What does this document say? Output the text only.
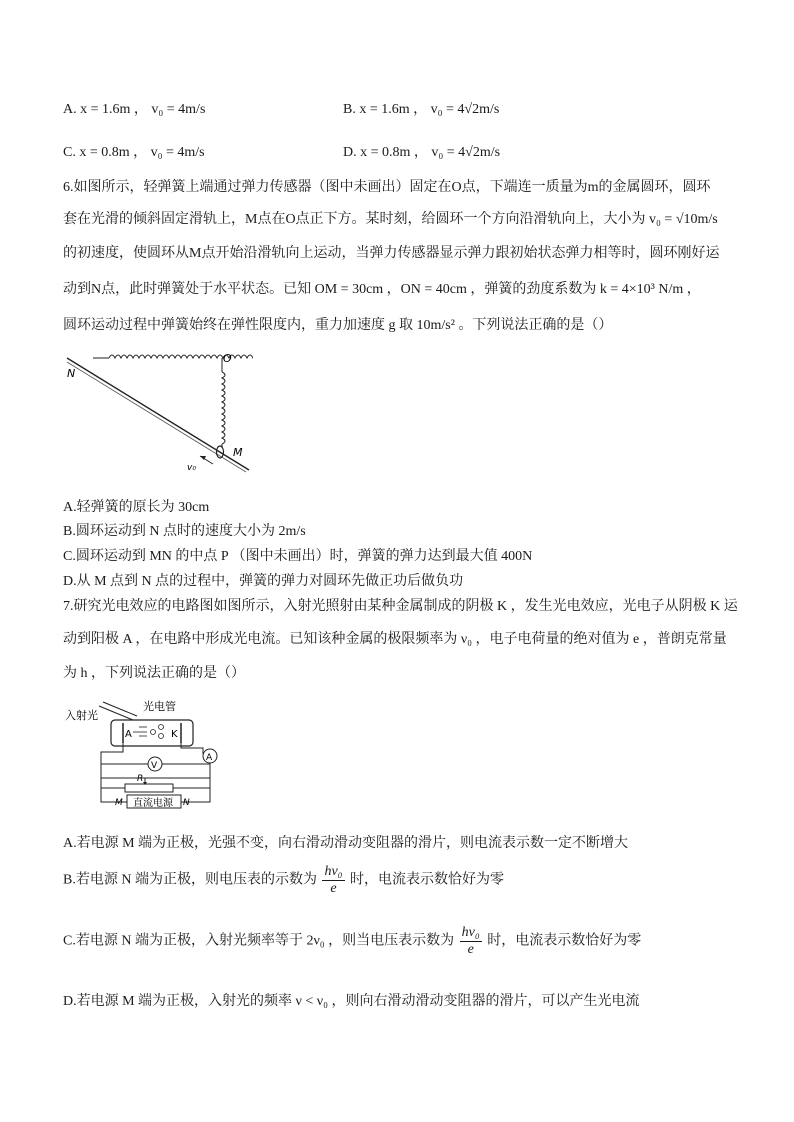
A. x = 1.6m ， v₀ = 4m/s	B. x = 1.6m ， v₀ = 4√2m/s
C. x = 0.8m ， v₀ = 4m/s	D. x = 0.8m ， v₀ = 4√2m/s
6.如图所示，轻弹簧上端通过弹力传感器（图中未画出）固定在O点，下端连一质量为m的金属圆环，圆环
套在光滑的倾斜固定滑轨上，M点在O点正下方。某时刻，给圆环一个方向沿滑轨向上，大小为 v₀ = √10m/s
的初速度，使圆环从M点开始沿滑轨向上运动，当弹力传感器显示弹力跟初始状态弹力相等时，圆环刚好运
动到N点，此时弹簧处于水平状态。已知 OM = 30cm ，ON = 40cm ，弹簧的劲度系数为 k = 4×10³ N/m ，
圆环运动过程中弹簧始终在弹性限度内，重力加速度 g 取 10m/s² 。下列说法正确的是（）
O
N
M
v₀
A.轻弹簧的原长为 30cm
B.圆环运动到 N 点时的速度大小为 2m/s
C.圆环运动到 MN 的中点 P （图中未画出）时，弹簧的弹力达到最大值 400N
D.从 M 点到 N 点的过程中，弹簧的弹力对圆环先做正功后做负功
7.研究光电效应的电路图如图所示，入射光照射由某种金属制成的阴极 K ，发生光电效应，光电子从阴极 K 运
动到阳极 A ，在电路中形成光电流。已知该种金属的极限频率为 ν₀ ，电子电荷量的绝对值为 e ，普朗克常量
为 h ，下列说法正确的是（）
入射光
光电管
A	K
A
V
R
M	N
直流电源
A.若电源 M 端为正极，光强不变，向右滑动滑动变阻器的滑片，则电流表示数一定不断增大
B.若电源 N 端为正极，则电压表的示数为 $\frac{\text{hν₀}}{e}$ 时，电流表示数恰好为零
C.若电源 N 端为正极，入射光频率等于 2ν₀ ，则当电压表示数为 $\frac{\text{hν₀}}{e}$ 时，电流表示数恰好为零
D.若电源 M 端为正极，入射光的频率 ν < ν₀ ，则向右滑动滑动变阻器的滑片，可以产生光电流
